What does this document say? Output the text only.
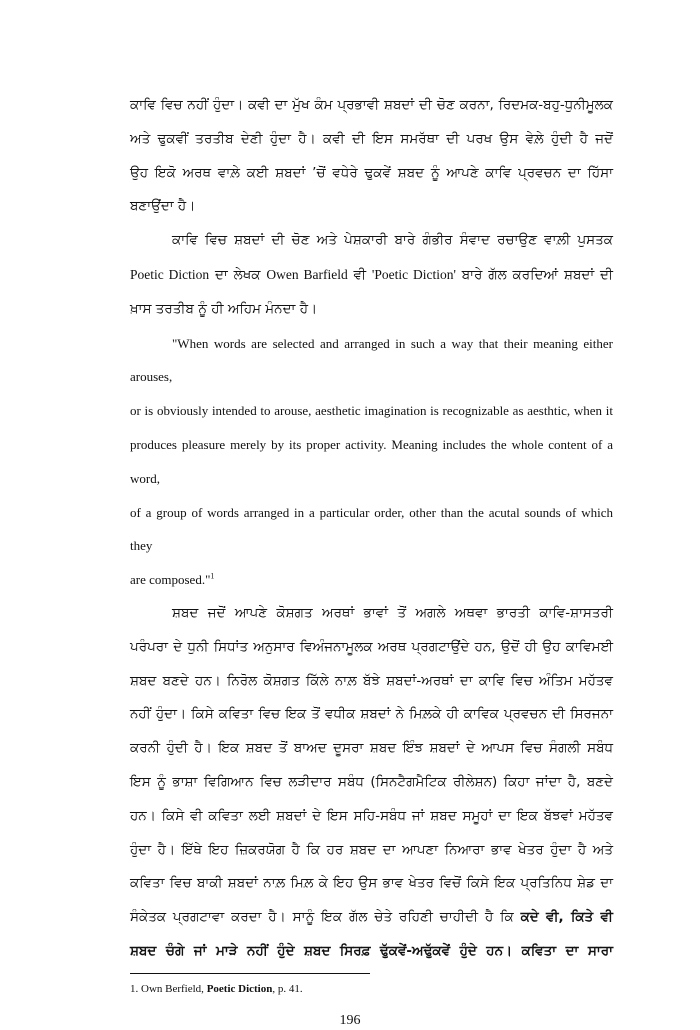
ਕਾਵਿ ਵਿਚ ਨਹੀਂ ਹੁੰਦਾ। ਕਵੀ ਦਾ ਮੁੱਖ ਕੰਮ ਪ੍ਰਭਾਵੀ ਸ਼ਬਦਾਂ ਦੀ ਚੋਣ ਕਰਨਾ, ਰਿਦਮਕ-ਬਹੁ-ਧੁਨੀਮੂਲਕ
ਅਤੇ ਢੁਕਵੀਂ ਤਰਤੀਬ ਦੇਣੀ ਹੁੰਦਾ ਹੈ। ਕਵੀ ਦੀ ਇਸ ਸਮਰੱਥਾ ਦੀ ਪਰਖ ਉਸ ਵੇਲ਼ੇ ਹੁੰਦੀ ਹੈ ਜਦੋਂ
ਉਹ ਇਕੋ ਅਰਥ ਵਾਲ਼ੇ ਕਈ ਸ਼ਬਦਾਂ ’ਚੋਂ ਵਧੇਰੇ ਢੁਕਵੇਂ ਸ਼ਬਦ ਨੂੰ ਆਪਣੇ ਕਾਵਿ ਪ੍ਰਵਚਨ ਦਾ ਹਿੱਸਾ
ਬਣਾਉਂਦਾ ਹੈ।
ਕਾਵਿ ਵਿਚ ਸ਼ਬਦਾਂ ਦੀ ਚੋਣ ਅਤੇ ਪੇਸ਼ਕਾਰੀ ਬਾਰੇ ਗੰਭੀਰ ਸੰਵਾਦ ਰਚਾਉਣ ਵਾਲ਼ੀ ਪੁਸਤਕ
Poetic Diction ਦਾ ਲੇਖਕ Owen Barfield ਵੀ 'Poetic Diction' ਬਾਰੇ ਗੱਲ ਕਰਦਿਆਂ ਸ਼ਬਦਾਂ ਦੀ
ਖ਼ਾਸ ਤਰਤੀਬ ਨੂੰ ਹੀ ਅਹਿਮ ਮੰਨਦਾ ਹੈ।
"When words are selected and arranged in such a way that their meaning either arouses,
or is obviously intended to arouse, aesthetic imagination is recognizable as aesthtic, when it
produces pleasure merely by its proper activity. Meaning includes the whole content of a word,
of a group of words arranged in a particular order, other than the acutal sounds of which they
are composed."$^1$
ਸ਼ਬਦ ਜਦੋਂ ਆਪਣੇ ਕੋਸ਼ਗਤ ਅਰਥਾਂ ਭਾਵਾਂ ਤੋਂ ਅਗਲੇ ਅਥਵਾ ਭਾਰਤੀ ਕਾਵਿ-ਸ਼ਾਸਤਰੀ
ਪਰੰਪਰਾ ਦੇ ਧੁਨੀ ਸਿਧਾਂਤ ਅਨੁਸਾਰ ਵਿਅੰਜਨਾਮੂਲਕ ਅਰਥ ਪ੍ਰਗਟਾਉਂਦੇ ਹਨ, ਉਦੋਂ ਹੀ ਉਹ ਕਾਵਿਮਈ
ਸ਼ਬਦ ਬਣਦੇ ਹਨ। ਨਿਰੋਲ ਕੋਸ਼ਗਤ ਕਿੱਲੇ ਨਾਲ਼ ਬੱਝੇ ਸ਼ਬਦਾਂ-ਅਰਥਾਂ ਦਾ ਕਾਵਿ ਵਿਚ ਅੰਤਿਮ ਮਹੱਤਵ
ਨਹੀਂ ਹੁੰਦਾ। ਕਿਸੇ ਕਵਿਤਾ ਵਿਚ ਇਕ ਤੋਂ ਵਧੀਕ ਸ਼ਬਦਾਂ ਨੇ ਮਿਲ਼ਕੇ ਹੀ ਕਾਵਿਕ ਪ੍ਰਵਚਨ ਦੀ ਸਿਰਜਨਾ
ਕਰਨੀ ਹੁੰਦੀ ਹੈ। ਇਕ ਸ਼ਬਦ ਤੋਂ ਬਾਅਦ ਦੂਸਰਾ ਸ਼ਬਦ ਇੰਝ ਸ਼ਬਦਾਂ ਦੇ ਆਪਸ ਵਿਚ ਸੰਗਲੀ ਸਬੰਧ
ਇਸ ਨੂੰ ਭਾਸ਼ਾ ਵਿਗਿਆਨ ਵਿਚ ਲੜੀਦਾਰ ਸਬੰਧ (ਸਿਨਟੈਗਮੈਟਿਕ ਰੀਲੇਸ਼ਨ) ਕਿਹਾ ਜਾਂਦਾ ਹੈ, ਬਣਦੇ
ਹਨ। ਕਿਸੇ ਵੀ ਕਵਿਤਾ ਲਈ ਸ਼ਬਦਾਂ ਦੇ ਇਸ ਸਹਿ-ਸਬੰਧ ਜਾਂ ਸ਼ਬਦ ਸਮੂਹਾਂ ਦਾ ਇਕ ਬੱਝਵਾਂ ਮਹੱਤਵ
ਹੁੰਦਾ ਹੈ। ਇੱਥੇ ਇਹ ਜ਼ਿਕਰਯੋਗ ਹੈ ਕਿ ਹਰ ਸ਼ਬਦ ਦਾ ਆਪਣਾ ਨਿਆਰਾ ਭਾਵ ਖੇਤਰ ਹੁੰਦਾ ਹੈ ਅਤੇ
ਕਵਿਤਾ ਵਿਚ ਬਾਕੀ ਸ਼ਬਦਾਂ ਨਾਲ਼ ਮਿਲ਼ ਕੇ ਇਹ ਉਸ ਭਾਵ ਖੇਤਰ ਵਿਚੋਂ ਕਿਸੇ ਇਕ ਪ੍ਰਤਿਨਿਧ ਸ਼ੇਡ ਦਾ
ਸੰਕੇਤਕ ਪ੍ਰਗਟਾਵਾ ਕਰਦਾ ਹੈ। ਸਾਨੂੰ ਇਕ ਗੱਲ ਚੇਤੇ ਰਹਿਣੀ ਚਾਹੀਦੀ ਹੈ ਕਿ ਕਦੇ ਵੀ, ਕਿਤੇ ਵੀ
ਸ਼ਬਦ ਚੰਗੇ ਜਾਂ ਮਾੜੇ ਨਹੀਂ ਹੁੰਦੇ ਸ਼ਬਦ ਸਿਰਫ਼ ਢੁੱਕਵੇਂ-ਅਢੁੱਕਵੇਂ ਹੁੰਦੇ ਹਨ। ਕਵਿਤਾ ਦਾ ਸਾਰਾ
1. Own Berfield, Poetic Diction, p. 41.
196
